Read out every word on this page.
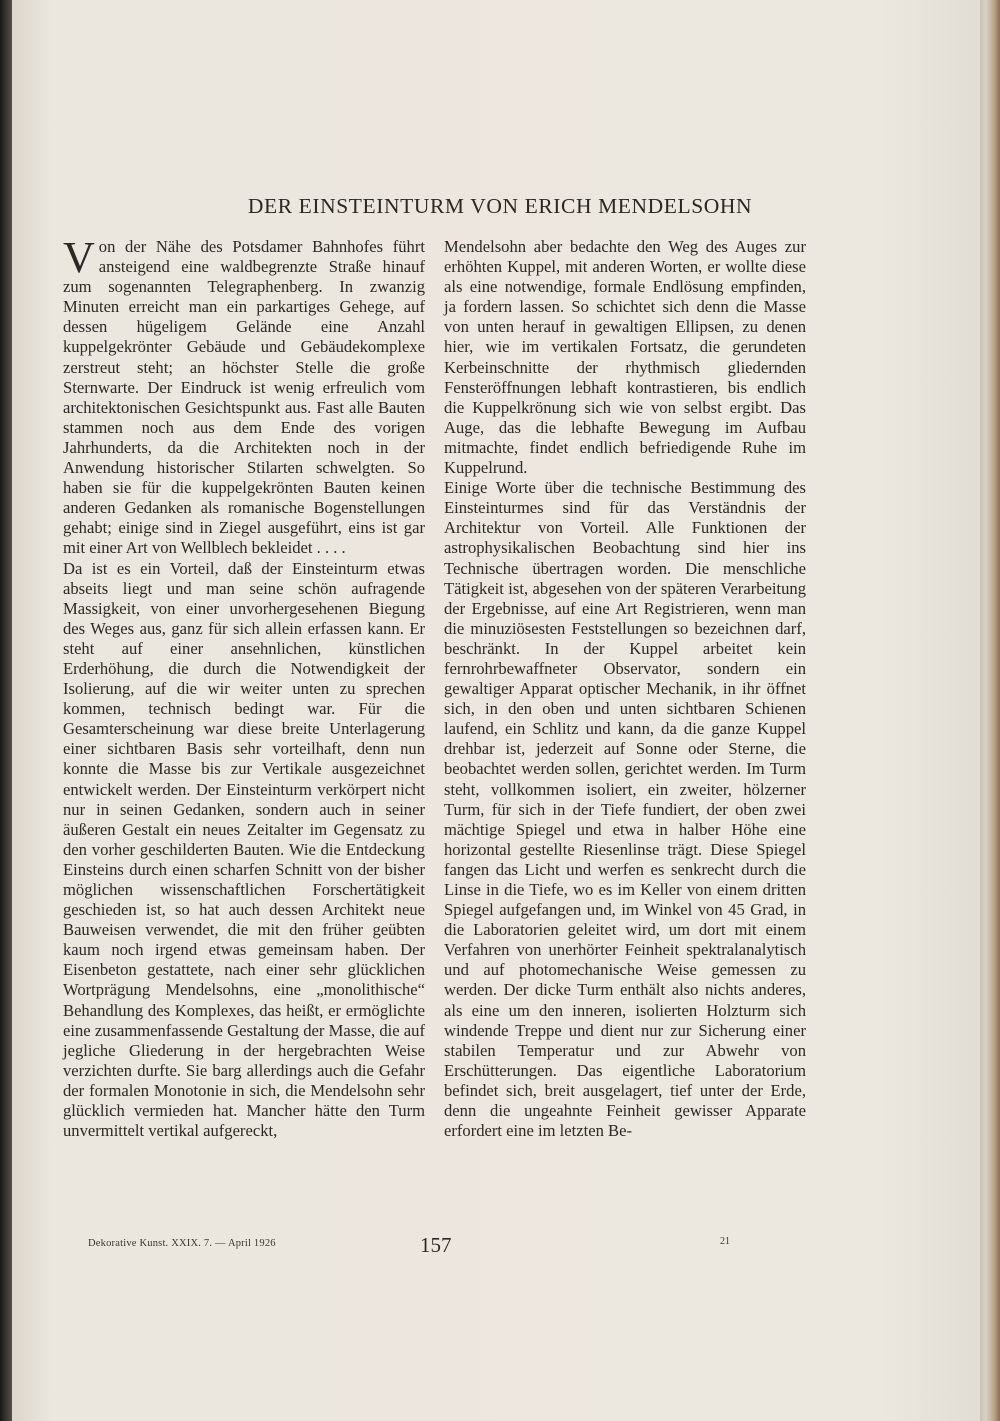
DER EINSTEINTURM VON ERICH MENDELSOHN

Von der Nähe des Potsdamer Bahnhofes führt ansteigend eine waldbegrenzte Straße hinauf zum sogenannten Telegraphenberg. In zwanzig Minuten erreicht man ein parkartiges Gehege, auf dessen hügeligem Gelände eine Anzahl kuppelgekrönter Gebäude und Gebäudekomplexe zerstreut steht; an höchster Stelle die große Sternwarte. Der Eindruck ist wenig erfreulich vom architektonischen Gesichtspunkt aus. Fast alle Bauten stammen noch aus dem Ende des vorigen Jahrhunderts, da die Architekten noch in der Anwendung historischer Stilarten schwelgten. So haben sie für die kuppelgekrönten Bauten keinen anderen Gedanken als romanische Bogenstellungen gehabt; einige sind in Ziegel ausgeführt, eins ist gar mit einer Art von Wellblech bekleidet . . . .

Da ist es ein Vorteil, daß der Einsteinturm etwas abseits liegt und man seine schön aufragende Massigkeit, von einer unvorhergesehenen Biegung des Weges aus, ganz für sich allein erfassen kann. Er steht auf einer ansehnlichen, künstlichen Erderhöhung, die durch die Notwendigkeit der Isolierung, auf die wir weiter unten zu sprechen kommen, technisch bedingt war. Für die Gesamterscheinung war diese breite Unterlagerung einer sichtbaren Basis sehr vorteilhaft, denn nun konnte die Masse bis zur Vertikale ausgezeichnet entwickelt werden. Der Einsteinturm verkörpert nicht nur in seinen Gedanken, sondern auch in seiner äußeren Gestalt ein neues Zeitalter im Gegensatz zu den vorher geschilderten Bauten. Wie die Entdeckung Einsteins durch einen scharfen Schnitt von der bisher möglichen wissenschaftlichen Forschertätigkeit geschieden ist, so hat auch dessen Architekt neue Bauweisen verwendet, die mit den früher geübten kaum noch irgend etwas gemeinsam haben. Der Eisenbeton gestattete, nach einer sehr glücklichen Wortprägung Mendelsohns, eine „monolithische“ Behandlung des Komplexes, das heißt, er ermöglichte eine zusammenfassende Gestaltung der Masse, die auf jegliche Gliederung in der hergebrachten Weise verzichten durfte. Sie barg allerdings auch die Gefahr der formalen Monotonie in sich, die Mendelsohn sehr glücklich vermieden hat. Mancher hätte den Turm unvermittelt vertikal aufgereckt,

Mendelsohn aber bedachte den Weg des Auges zur erhöhten Kuppel, mit anderen Worten, er wollte diese als eine notwendige, formale Endlösung empfinden, ja fordern lassen. So schichtet sich denn die Masse von unten herauf in gewaltigen Ellipsen, zu denen hier, wie im vertikalen Fortsatz, die gerundeten Kerbeinschnitte der rhythmisch gliedernden Fensteröffnungen lebhaft kontrastieren, bis endlich die Kuppelkrönung sich wie von selbst ergibt. Das Auge, das die lebhafte Bewegung im Aufbau mitmachte, findet endlich befriedigende Ruhe im Kuppelrund.

Einige Worte über die technische Bestimmung des Einsteinturmes sind für das Verständnis der Architektur von Vorteil. Alle Funktionen der astrophysikalischen Beobachtung sind hier ins Technische übertragen worden. Die menschliche Tätigkeit ist, abgesehen von der späteren Verarbeitung der Ergebnisse, auf eine Art Registrieren, wenn man die minuziösesten Feststellungen so bezeichnen darf, beschränkt. In der Kuppel arbeitet kein fernrohrbewaffneter Observator, sondern ein gewaltiger Apparat optischer Mechanik, in ihr öffnet sich, in den oben und unten sichtbaren Schienen laufend, ein Schlitz und kann, da die ganze Kuppel drehbar ist, jederzeit auf Sonne oder Sterne, die beobachtet werden sollen, gerichtet werden. Im Turm steht, vollkommen isoliert, ein zweiter, hölzerner Turm, für sich in der Tiefe fundiert, der oben zwei mächtige Spiegel und etwa in halber Höhe eine horizontal gestellte Riesenlinse trägt. Diese Spiegel fangen das Licht und werfen es senkrecht durch die Linse in die Tiefe, wo es im Keller von einem dritten Spiegel aufgefangen und, im Winkel von 45 Grad, in die Laboratorien geleitet wird, um dort mit einem Verfahren von unerhörter Feinheit spektralanalytisch und auf photomechanische Weise gemessen zu werden. Der dicke Turm enthält also nichts anderes, als eine um den inneren, isolierten Holzturm sich windende Treppe und dient nur zur Sicherung einer stabilen Temperatur und zur Abwehr von Erschütterungen. Das eigentliche Laboratorium befindet sich, breit ausgelagert, tief unter der Erde, denn die ungeahnte Feinheit gewisser Apparate erfordert eine im letzten Be-

Dekorative Kunst. XXIX. 7. — April 1926	157	21
